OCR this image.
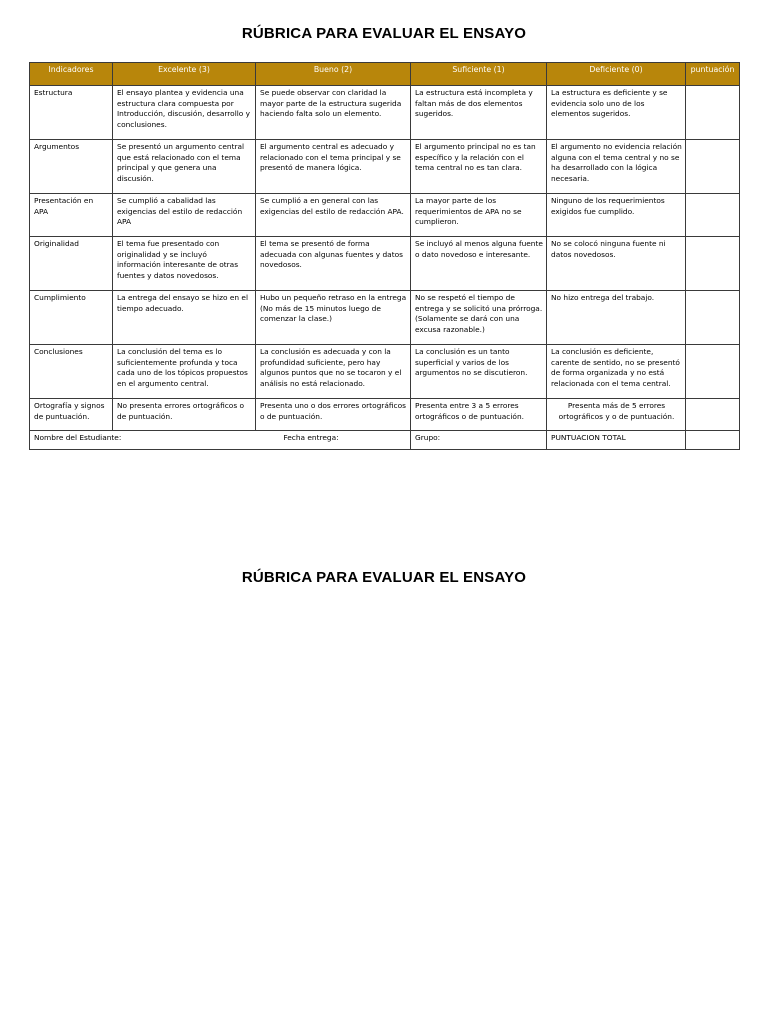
RÚBRICA PARA EVALUAR EL ENSAYO
Indicadores	Excelente (3)	Bueno (2)	Suficiente (1)	Deficiente (0)	puntuación
Estructura	El ensayo plantea y evidencia una estructura clara compuesta por Introducción, discusión, desarrollo y conclusiones.	Se puede observar con claridad la mayor parte de la estructura sugerida haciendo falta solo un elemento.	La estructura está incompleta y faltan más de dos elementos sugeridos.	La estructura es deficiente y se evidencia solo uno de los elementos sugeridos.	
Argumentos	Se presentó un argumento central que está relacionado con el tema principal y que genera una discusión.	El argumento central es adecuado y relacionado con el tema principal y se presentó de manera lógica.	El argumento principal no es tan específico y la relación con el tema central no es tan clara.	El argumento no evidencia relación alguna con el tema central y no se ha desarrollado con la lógica necesaria.	
Presentación en APA	Se cumplió a cabalidad las exigencias del estilo de redacción APA	Se cumplió a en general con las exigencias del estilo de redacción APA.	La mayor parte de los requerimientos de APA no se cumplieron.	Ninguno de los requerimientos exigidos fue cumplido.	
Originalidad	El tema fue presentado con originalidad y se incluyó información interesante de otras fuentes y datos novedosos.	El tema se presentó de forma adecuada con algunas fuentes y datos novedosos.	Se incluyó al menos alguna fuente o dato novedoso e interesante.	No se colocó ninguna fuente ni datos novedosos.	
Cumplimiento	La entrega del ensayo se hizo en el tiempo adecuado.	Hubo un pequeño retraso en la entrega (No más de 15 minutos luego de comenzar la clase.)	No se respetó el tiempo de entrega y se solicitó una prórroga. (Solamente se dará con una excusa razonable.)	No hizo entrega del trabajo.	
Conclusiones	La conclusión del tema es lo suficientemente profunda y toca cada uno de los tópicos propuestos en el argumento central.	La conclusión es adecuada y con la profundidad suficiente, pero hay algunos puntos que no se tocaron y el análisis no está relacionado.	La conclusión es un tanto superficial y varios de los argumentos no se discutieron.	La conclusión es deficiente, carente de sentido, no se presentó de forma organizada y no está relacionada con el tema central.	
Ortografía y signos de puntuación.	No presenta errores ortográficos o de puntuación.	Presenta uno o dos errores ortográficos o de puntuación.	Presenta entre 3 a 5 errores ortográficos o de puntuación.	Presenta más de 5 errores ortográficos y o de puntuación.	
Nombre del Estudiante: Fecha entrega:			Grupo:	PUNTUACION TOTAL	
RÚBRICA PARA EVALUAR EL ENSAYO
